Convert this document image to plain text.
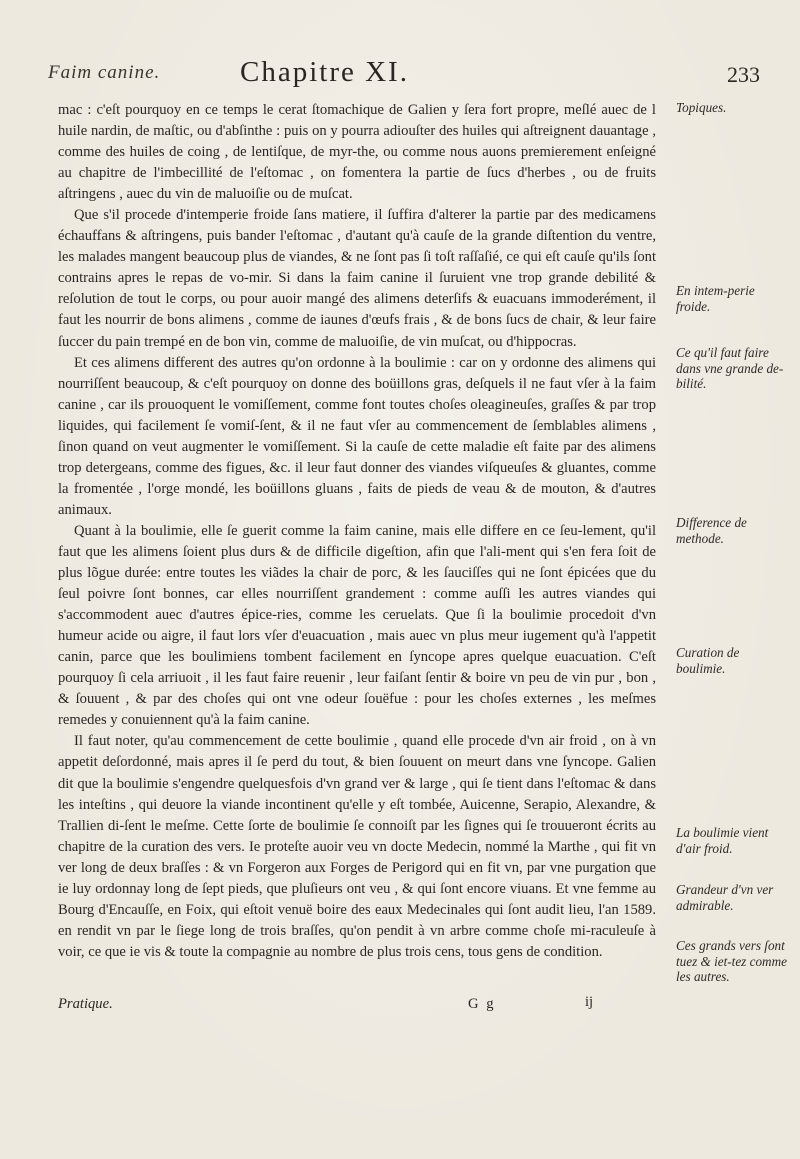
Faim canine.	Chapitre XI.	233

mac : c'eſt pourquoy en ce temps le cerat ſtomachique de Galien y ſera fort propre, meſlé auec de l huile nardin, de maſtic, ou d'abſinthe : puis on y pourra adiouſter des huiles qui aſtreignent dauantage , comme des huiles de coing , de lentiſque, de myr-the, ou comme nous auons premierement enſeigné au chapitre de l'imbecillité de l'eſtomac , on fomentera la partie de ſucs d'herbes , ou de fruits aſtringens , auec du vin de maluoiſie ou de muſcat.

Que s'il procede d'intemperie froide ſans matiere, il ſuffira d'alterer la partie par des medicamens échauffans & aſtringens, puis bander l'eſtomac , d'autant qu'à cauſe de la grande diſtention du ventre, les malades mangent beaucoup plus de viandes, & ne ſont pas ſi toſt raſſaſié, ce qui eſt cauſe qu'ils ſont contrains apres le repas de vo-mir. Si dans la faim canine il ſuruient vne trop grande debilité & reſolution de tout le corps, ou pour auoir mangé des alimens deterſifs & euacuans immoderément, il faut les nourrir de bons alimens , comme de iaunes d'œufs frais , & de bons ſucs de chair, & leur faire ſuccer du pain trempé en de bon vin, comme de maluoiſie, de vin muſcat, ou d'hippocras.

Et ces alimens different des autres qu'on ordonne à la boulimie : car on y ordonne des alimens qui nourriſſent beaucoup, & c'eſt pourquoy on donne des boüillons gras, deſquels il ne faut vſer à la faim canine , car ils prouoquent le vomiſſement, comme font toutes choſes oleagineuſes, graſſes & par trop liquides, qui facilement ſe vomiſ-ſent, & il ne faut vſer au commencement de ſemblables alimens , ſinon quand on veut augmenter le vomiſſement. Si la cauſe de cette maladie eſt faite par des alimens trop detergeans, comme des figues, &c. il leur faut donner des viandes viſqueuſes & gluantes, comme la fromentée , l'orge mondé, les boüillons gluans , faits de pieds de veau & de mouton, & d'autres animaux.

Quant à la boulimie, elle ſe guerit comme la faim canine, mais elle differe en ce ſeu-lement, qu'il faut que les alimens ſoient plus durs & de difficile digeſtion, afin que l'ali-ment qui s'en fera ſoit de plus lõgue durée: entre toutes les viãdes la chair de porc, & les ſauciſſes qui ne ſont épicées que du ſeul poivre ſont bonnes, car elles nourriſſent grandement : comme auſſi les autres viandes qui s'accommodent auec d'autres épice-ries, comme les ceruelats. Que ſi la boulimie procedoit d'vn humeur acide ou aigre, il faut lors vſer d'euacuation , mais auec vn plus meur iugement qu'à l'appetit canin, parce que les boulimiens tombent facilement en ſyncope apres quelque euacuation. C'eſt pourquoy ſi cela arriuoit , il les faut faire reuenir , leur faiſant ſentir & boire vn peu de vin pur , bon , & ſouuent , & par des choſes qui ont vne odeur ſouëfue : pour les choſes externes , les meſmes remedes y conuiennent qu'à la faim canine.

Il faut noter, qu'au commencement de cette boulimie , quand elle procede d'vn air froid , on à vn appetit deſordonné, mais apres il ſe perd du tout, & bien ſouuent on meurt dans vne ſyncope. Galien dit que la boulimie s'engendre quelquesfois d'vn grand ver & large , qui ſe tient dans l'eſtomac & dans les inteſtins , qui deuore la viande incontinent qu'elle y eſt tombée, Auicenne, Serapio, Alexandre, & Trallien di-ſent le meſme. Cette ſorte de boulimie ſe connoiſt par les ſignes qui ſe trouueront écrits au chapitre de la curation des vers. Ie proteſte auoir veu vn docte Medecin, nommé la Marthe , qui fit vn ver long de deux braſſes : & vn Forgeron aux Forges de Perigord qui en fit vn, par vne purgation que ie luy ordonnay long de ſept pieds, que pluſieurs ont veu , & qui ſont encore viuans. Et vne femme au Bourg d'Encauſſe, en Foix, qui eſtoit venuë boire des eaux Medecinales qui ſont audit lieu, l'an 1589. en rendit vn par le ſiege long de trois braſſes, qu'on pendit à vn arbre comme choſe mi-raculeuſe à voir, ce que ie vis & toute la compagnie au nombre de plus trois cens, tous gens de condition.

Topiques.
En intem-perie froide.
Ce qu'il faut faire dans vne grande de-bilité.
Difference de methode.
Curation de boulimie.
La boulimie vient d'air froid.
Grandeur d'vn ver admirable.
Ces grands vers ſont tuez & iet-tez comme les autres.
Pratique.	G g	ij
